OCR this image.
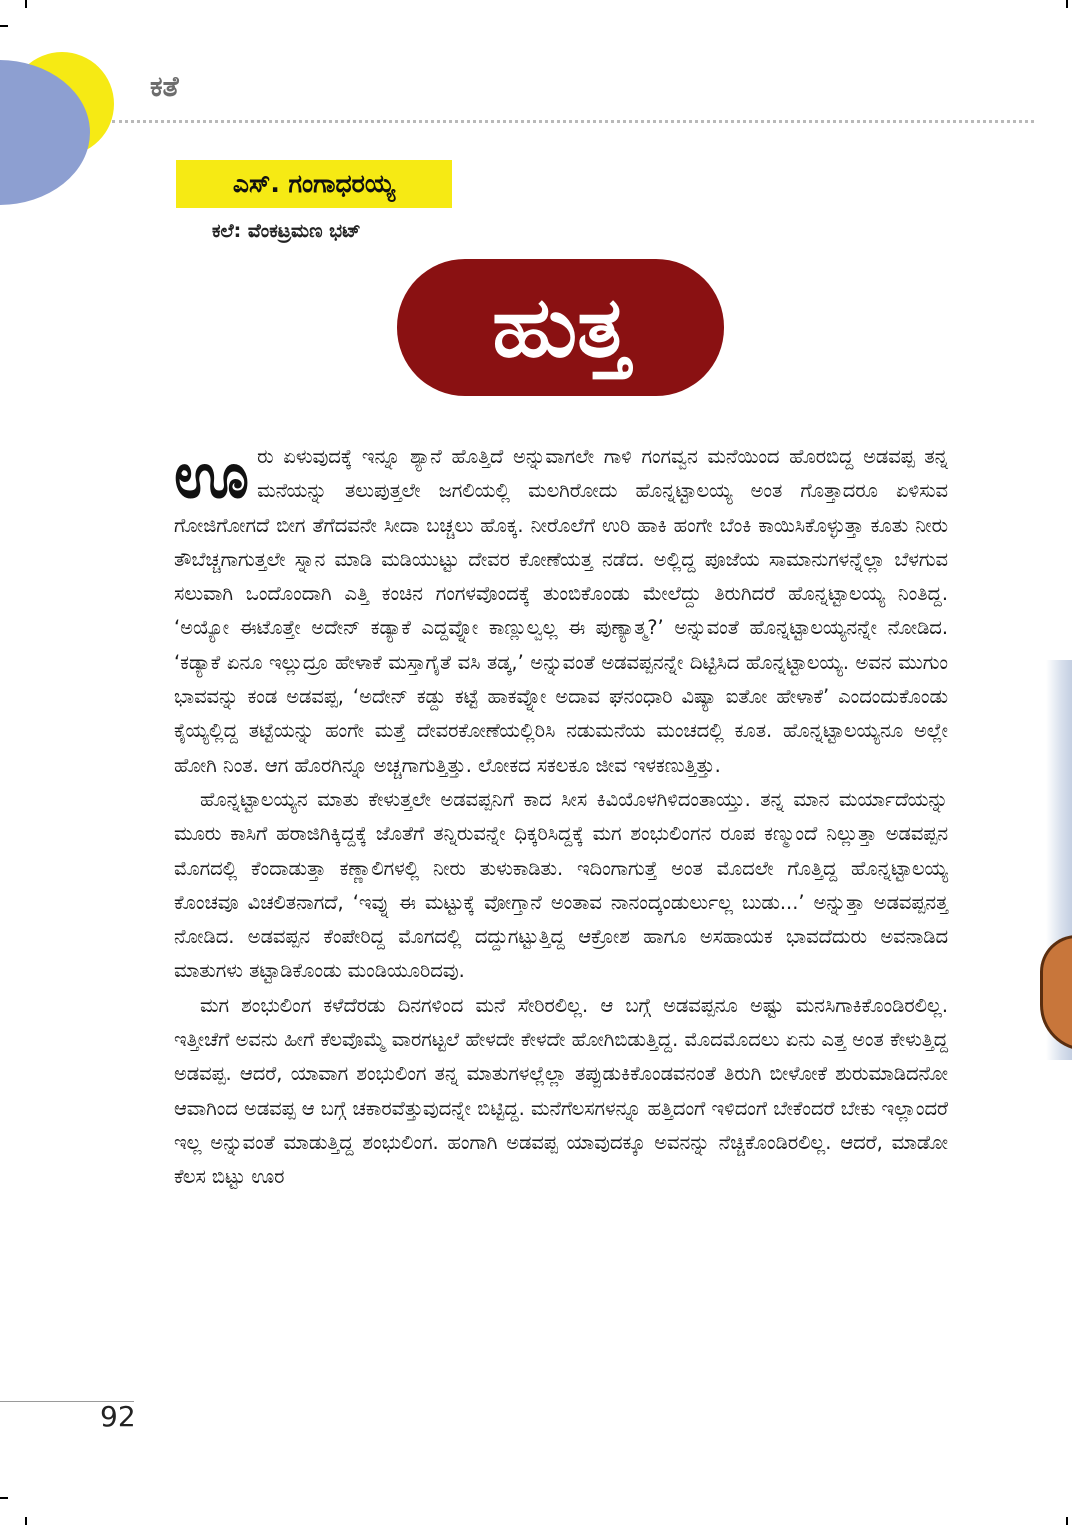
ಕತೆ
ಎಸ್‌. ಗಂಗಾಧರಯ್ಯ
ಕಲೆ: ವೆಂಕಟ್ರಮಣ ಭಟ್
ಹುತ್ತ

ಊರು ಏಳುವುದಕ್ಕೆ ಇನ್ನೂ ಶ್ಯಾನೆ ಹೊತ್ತಿದೆ ಅನ್ನುವಾಗಲೇ ಗಾಳಿ ಗಂಗವ್ವನ ಮನೆಯಿಂದ ಹೊರಬಿದ್ದ ಅಡವಪ್ಪ ತನ್ನ ಮನೆಯನ್ನು ತಲುಪುತ್ತಲೇ ಜಗಲಿಯಲ್ಲಿ ಮಲಗಿರೋದು ಹೊನ್ನಟ್ಟಾಲಯ್ಯ ಅಂತ ಗೊತ್ತಾದರೂ ಏಳಿಸುವ ಗೋಜಿಗೋಗದೆ ಬೀಗ ತೆಗೆದವನೇ ಸೀದಾ ಬಚ್ಚಲು ಹೊಕ್ಕ. ನೀರೊಲೆಗೆ ಉರಿ ಹಾಕಿ ಹಂಗೇ ಬೆಂಕಿ ಕಾಯಿಸಿಕೊಳ್ಳುತ್ತಾ ಕೂತು ನೀರು ತೌಬೆಚ್ಚಗಾಗುತ್ತಲೇ ಸ್ನಾನ ಮಾಡಿ ಮಡಿಯುಟ್ಟು ದೇವರ ಕೋಣೆಯತ್ತ ನಡೆದ. ಅಲ್ಲಿದ್ದ ಪೂಜೆಯ ಸಾಮಾನುಗಳನ್ನೆಲ್ಲಾ ಬೆಳಗುವ ಸಲುವಾಗಿ ಒಂದೊಂದಾಗಿ ಎತ್ತಿ ಕಂಚಿನ ಗಂಗಳವೊಂದಕ್ಕೆ ತುಂಬಿಕೊಂಡು ಮೇಲೆದ್ದು ತಿರುಗಿದರೆ ಹೊನ್ನಟ್ಟಾಲಯ್ಯ ನಿಂತಿದ್ದ. ‘ಅಯ್ಯೋ ಈಟೊತ್ತೇ ಅದೇನ್ ಕಡ್ಯಾಕೆ ಎದ್ದವ್ನೋ ಕಾಣ್ಲುಲ್ವಲ್ಲ ಈ ಪುಣ್ಯಾತ್ಮ?’ ಅನ್ನುವಂತೆ ಹೊನ್ನಟ್ಟಾಲಯ್ಯನನ್ನೇ ನೋಡಿದ. ‘ಕಡ್ಯಾಕೆ ಏನೂ ಇಲ್ಲುದ್ರೂ ಹೇಳಾಕೆ ಮಸ್ತಾಗೈತೆ ವಸಿ ತಡ್ಕ,’ ಅನ್ನುವಂತೆ ಅಡವಪ್ಪನನ್ನೇ ದಿಟ್ಟಿಸಿದ ಹೊನ್ನಟ್ಟಾಲಯ್ಯ. ಅವನ ಮುಗುಂ ಭಾವವನ್ನು ಕಂಡ ಅಡವಪ್ಪ, ‘ಅದೇನ್ ಕಡ್ದು ಕಟ್ಟೆ ಹಾಕವ್ನೋ ಅದಾವ ಘನಂಧಾರಿ ವಿಷ್ಯಾ ಐತೋ ಹೇಳಾಕೆ’ ಎಂದಂದುಕೊಂಡು ಕೈಯ್ಯಲ್ಲಿದ್ದ ತಟ್ಟೆಯನ್ನು ಹಂಗೇ ಮತ್ತೆ ದೇವರಕೋಣೆಯಲ್ಲಿರಿಸಿ ನಡುಮನೆಯ ಮಂಚದಲ್ಲಿ ಕೂತ. ಹೊನ್ನಟ್ಟಾಲಯ್ಯನೂ ಅಲ್ಲೇ ಹೋಗಿ ನಿಂತ. ಆಗ ಹೊರಗಿನ್ನೂ ಅಚ್ಚಗಾಗುತ್ತಿತ್ತು. ಲೋಕದ ಸಕಲಕೂ ಜೀವ ಇಳಕಣುತ್ತಿತ್ತು.

ಹೊನ್ನಟ್ಟಾಲಯ್ಯನ ಮಾತು ಕೇಳುತ್ತಲೇ ಅಡವಪ್ಪನಿಗೆ ಕಾದ ಸೀಸ ಕಿವಿಯೊಳಗಿಳಿದಂತಾಯ್ತು. ತನ್ನ ಮಾನ ಮರ್ಯಾದೆಯನ್ನು ಮೂರು ಕಾಸಿಗೆ ಹರಾಜಿಗಿಕ್ಕಿದ್ದಕ್ಕೆ ಜೊತೆಗೆ ತನ್ನಿರುವನ್ನೇ ಧಿಕ್ಕರಿಸಿದ್ದಕ್ಕೆ ಮಗ ಶಂಭುಲಿಂಗನ ರೂಪ ಕಣ್ಮುಂದೆ ನಿಲ್ಲುತ್ತಾ ಅಡವಪ್ಪನ ಮೊಗದಲ್ಲಿ ಕೆಂದಾಡುತ್ತಾ ಕಣ್ಣಾಲಿಗಳಲ್ಲಿ ನೀರು ತುಳುಕಾಡಿತು. ಇದಿಂಗಾಗುತ್ತೆ ಅಂತ ಮೊದಲೇ ಗೊತ್ತಿದ್ದ ಹೊನ್ನಟ್ಟಾಲಯ್ಯ ಕೊಂಚವೂ ವಿಚಲಿತನಾಗದೆ, ‘ಇವ್ನು ಈ ಮಟ್ಟುಕ್ಕೆ ವೋಗ್ತಾನೆ ಅಂತಾವ ನಾನಂದ್ಕಂಡುರ್ಲುಲ್ಲ ಬುಡು...’ ಅನ್ನುತ್ತಾ ಅಡವಪ್ಪನತ್ತ ನೋಡಿದ. ಅಡವಪ್ಪನ ಕೆಂಪೇರಿದ್ದ ಮೊಗದಲ್ಲಿ ದದ್ದುಗಟ್ಟುತ್ತಿದ್ದ ಆಕ್ರೋಶ ಹಾಗೂ ಅಸಹಾಯಕ ಭಾವದೆದುರು ಅವನಾಡಿದ ಮಾತುಗಳು ತಟ್ಟಾಡಿಕೊಂಡು ಮಂಡಿಯೂರಿದವು.

ಮಗ ಶಂಭುಲಿಂಗ ಕಳೆದೆರಡು ದಿನಗಳಿಂದ ಮನೆ ಸೇರಿರಲಿಲ್ಲ. ಆ ಬಗ್ಗೆ ಅಡವಪ್ಪನೂ ಅಷ್ಟು ಮನಸಿಗಾಕಿಕೊಂಡಿರಲಿಲ್ಲ. ಇತ್ತೀಚೆಗೆ ಅವನು ಹೀಗೆ ಕೆಲವೊಮ್ಮೆ ವಾರಗಟ್ಟಲೆ ಹೇಳದೇ ಕೇಳದೇ ಹೋಗಿಬಿಡುತ್ತಿದ್ದ. ಮೊದಮೊದಲು ಏನು ಎತ್ತ ಅಂತ ಕೇಳುತ್ತಿದ್ದ ಅಡವಪ್ಪ. ಆದರೆ, ಯಾವಾಗ ಶಂಭುಲಿಂಗ ತನ್ನ ಮಾತುಗಳಲ್ಲೆಲ್ಲಾ ತಪ್ಪುಡುಕಿಕೊಂಡವನಂತೆ ತಿರುಗಿ ಬೀಳೋಕೆ ಶುರುಮಾಡಿದನೋ ಆವಾಗಿಂದ ಅಡವಪ್ಪ ಆ ಬಗ್ಗೆ ಚಕಾರವೆತ್ತುವುದನ್ನೇ ಬಿಟ್ಟಿದ್ದ. ಮನೆಗೆಲಸಗಳನ್ನೂ ಹತ್ತಿದಂಗೆ ಇಳಿದಂಗೆ ಬೇಕೆಂದರೆ ಬೇಕು ಇಲ್ಲಾಂದರೆ ಇಲ್ಲ ಅನ್ನುವಂತೆ ಮಾಡುತ್ತಿದ್ದ ಶಂಭುಲಿಂಗ. ಹಂಗಾಗಿ ಅಡವಪ್ಪ ಯಾವುದಕ್ಕೂ ಅವನನ್ನು ನೆಚ್ಚಿಕೊಂಡಿರಲಿಲ್ಲ. ಆದರೆ, ಮಾಡೋ ಕೆಲಸ ಬಿಟ್ಟು ಊರ

92
